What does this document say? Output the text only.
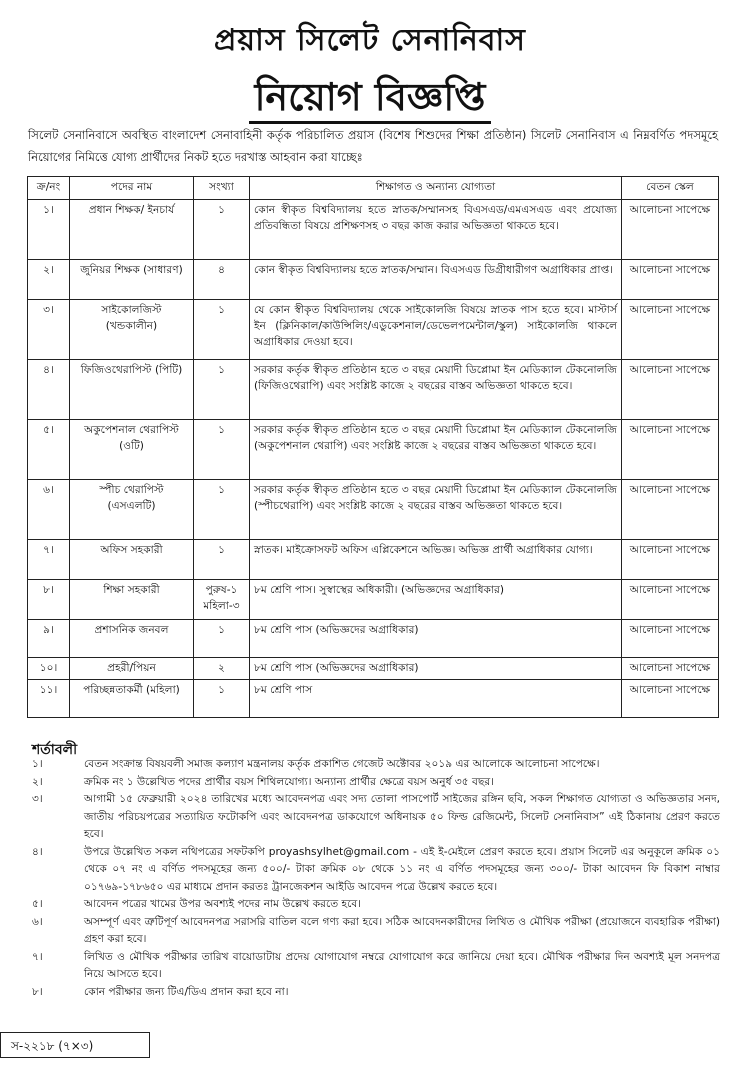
প্রয়াস সিলেট সেনানিবাস
নিয়োগ বিজ্ঞপ্তি
সিলেট সেনানিবাসে অবস্থিত বাংলাদেশ সেনাবাহিনী কর্তৃক পরিচালিত প্রয়াস (বিশেষ শিশুদের শিক্ষা প্রতিষ্ঠান) সিলেট সেনানিবাস এ নিম্নবর্ণিত পদসমূহে নিয়োগের নিমিত্তে যোগ্য প্রার্থীদের নিকট হতে দরখাস্ত আহবান করা যাচ্ছেঃ
ক্র/নং	পদের নাম	সংখ্যা	শিক্ষাগত ও অন্যান্য যোগ্যতা	বেতন স্কেল
১।	প্রধান শিক্ষক/ ইনচার্য	১	কোন স্বীকৃত বিশ্ববিদ্যালয় হতে স্নাতক/সম্মানসহ বিএসএড/এমএসএড এবং প্রযোজ্য প্রতিবন্ধিতা বিষয়ে প্রশিক্ষণসহ ৩ বছর কাজ করার অভিজ্ঞতা থাকতে হবে।	আলোচনা সাপেক্ষে
২।	জুনিয়র শিক্ষক (সাধারণ)	৪	কোন স্বীকৃত বিশ্ববিদ্যালয় হতে স্নাতক/সম্মান। বিএসএড ডিগ্রীধারীগণ অগ্রাধিকার প্রাপ্ত।	আলোচনা সাপেক্ষে
৩।	সাইকোলজিস্ট (খন্ডকালীন)	১	যে কোন স্বীকৃত বিশ্ববিদ্যালয় থেকে সাইকোলজি বিষয়ে স্নাতক পাস হতে হবে। মাস্টার্স ইন (ক্লিনিকাল/কাউন্সিলিং/এডুকেশনাল/ডেভেলপমেন্টাল/স্কুল) সাইকোলজি থাকলে অগ্রাধিকার দেওয়া হবে।	আলোচনা সাপেক্ষে
৪।	ফিজিওথেরাপিস্ট (পিটি)	১	সরকার কর্তৃক স্বীকৃত প্রতিষ্ঠান হতে ৩ বছর মেয়াদী ডিপ্লোমা ইন মেডিক্যাল টেকনোলজি (ফিজিওথেরাপি) এবং সংশ্লিষ্ট কাজে ২ বছরের বাস্তব অভিজ্ঞতা থাকতে হবে।	আলোচনা সাপেক্ষে
৫।	অকুপেশনাল থেরাপিস্ট (ওটি)	১	সরকার কর্তৃক স্বীকৃত প্রতিষ্ঠান হতে ৩ বছর মেয়াদী ডিপ্লোমা ইন মেডিক্যাল টেকনোলজি (অকুপেশনাল থেরাপি) এবং সংশ্লিষ্ট কাজে ২ বছরের বাস্তব অভিজ্ঞতা থাকতে হবে।	আলোচনা সাপেক্ষে
৬।	স্পীচ থেরাপিস্ট (এসএলটি)	১	সরকার কর্তৃক স্বীকৃত প্রতিষ্ঠান হতে ৩ বছর মেয়াদী ডিপ্লোমা ইন মেডিক্যাল টেকনোলজি (স্পীচথেরাপি) এবং সংশ্লিষ্ট কাজে ২ বছরের বাস্তব অভিজ্ঞতা থাকতে হবে।	আলোচনা সাপেক্ষে
৭।	অফিস সহকারী	১	স্নাতক। মাইক্রোসফট অফিস এপ্লিকেশনে অভিজ্ঞ। অভিজ্ঞ প্রার্থী অগ্রাধিকার যোগ্য।	আলোচনা সাপেক্ষে
৮।	শিক্ষা সহকারী	পুরুষ-১ মহিলা-৩	৮ম শ্রেণি পাস। সুস্বাস্থের অধিকারী। (অভিজ্ঞদের অগ্রাধিকার)	আলোচনা সাপেক্ষে
৯।	প্রশাসনিক জনবল	১	৮ম শ্রেণি পাস (অভিজ্ঞদের অগ্রাধিকার)	আলোচনা সাপেক্ষে
১০।	প্রহরী/পিয়ন	২	৮ম শ্রেণি পাস (অভিজ্ঞদের অগ্রাধিকার)	আলোচনা সাপেক্ষে
১১।	পরিচ্ছন্নতাকর্মী (মহিলা)	১	৮ম শ্রেণি পাস	আলোচনা সাপেক্ষে
শর্তাবলী
১।	বেতন সংক্রান্ত বিষয়বলী সমাজ কল্যাণ মন্ত্রনালয় কর্তৃক প্রকাশিত গেজেট অক্টোবর ২০১৯ এর আলোকে আলোচনা সাপেক্ষে।
২।	ক্রমিক নং ১ উল্লেখিত পদের প্রার্থীর বয়স শিথিলযোগ্য। অন্যান্য প্রার্থীর ক্ষেত্রে বয়স অনুর্ধ ৩৫ বছর।
৩।	আগামী ১৫ ফেব্রুয়ারী ২০২৪ তারিখের মধ্যে আবেদনপত্র এবং সদ্য তোলা পাসপোর্ট সাইজের রঙ্গিন ছবি, সকল শিক্ষাগত যোগ্যতা ও অভিজ্ঞতার সনদ, জাতীয় পরিচয়পত্রের সত্যায়িত ফটোকপি এবং আবেদনপত্র ডাকযোগে অধিনায়ক ৫০ ফিল্ড রেজিমেন্ট, সিলেট সেনানিবাস” এই ঠিকানায় প্রেরণ করতে হবে।
৪।	উপরে উল্লেখিত সকল নথিপত্রের সফটকপি proyashsylhet@gmail.com - এই ই-মেইলে প্রেরণ করতে হবে। প্রয়াস সিলেট এর অনুকূলে ক্রমিক ০১ থেকে ০৭ নং এ বর্ণিত পদসমূহের জন্য ৫০০/- টাকা ক্রমিক ০৮ থেকে ১১ নং এ বর্ণিত পদসমূহের জন্য ৩০০/- টাকা আবেদন ফি বিকাশ নাম্বার ০১৭৬৯-১৭৮৬৫০ এর মাধ্যমে প্রদান করতঃ ট্রানজেকশন আইডি আবেদন পত্রে উল্লেখ করতে হবে।
৫।	আবেদন পত্রের খামের উপর অবশ্যই পদের নাম উল্লেখ করতে হবে।
৬।	অসম্পূর্ণ এবং ত্রুটিপূর্ণ আবেদনপত্র সরাসরি বাতিল বলে গণ্য করা হবে। সঠিক আবেদনকারীদের লিখিত ও মৌখিক পরীক্ষা (প্রয়োজনে ব্যবহারিক পরীক্ষা) গ্রহণ করা হবে।
৭।	লিখিত ও মৌখিক পরীক্ষার তারিখ বায়োডাটায় প্রদেয় যোগাযোগ নম্বরে যোগাযোগ করে জানিয়ে দেয়া হবে। মৌখিক পরীক্ষার দিন অবশ্যই মূল সনদপত্র নিয়ে আসতে হবে।
৮।	কোন পরীক্ষার জন্য টিএ/ডিএ প্রদান করা হবে না।
স-২২১৮ (৭×৩)
